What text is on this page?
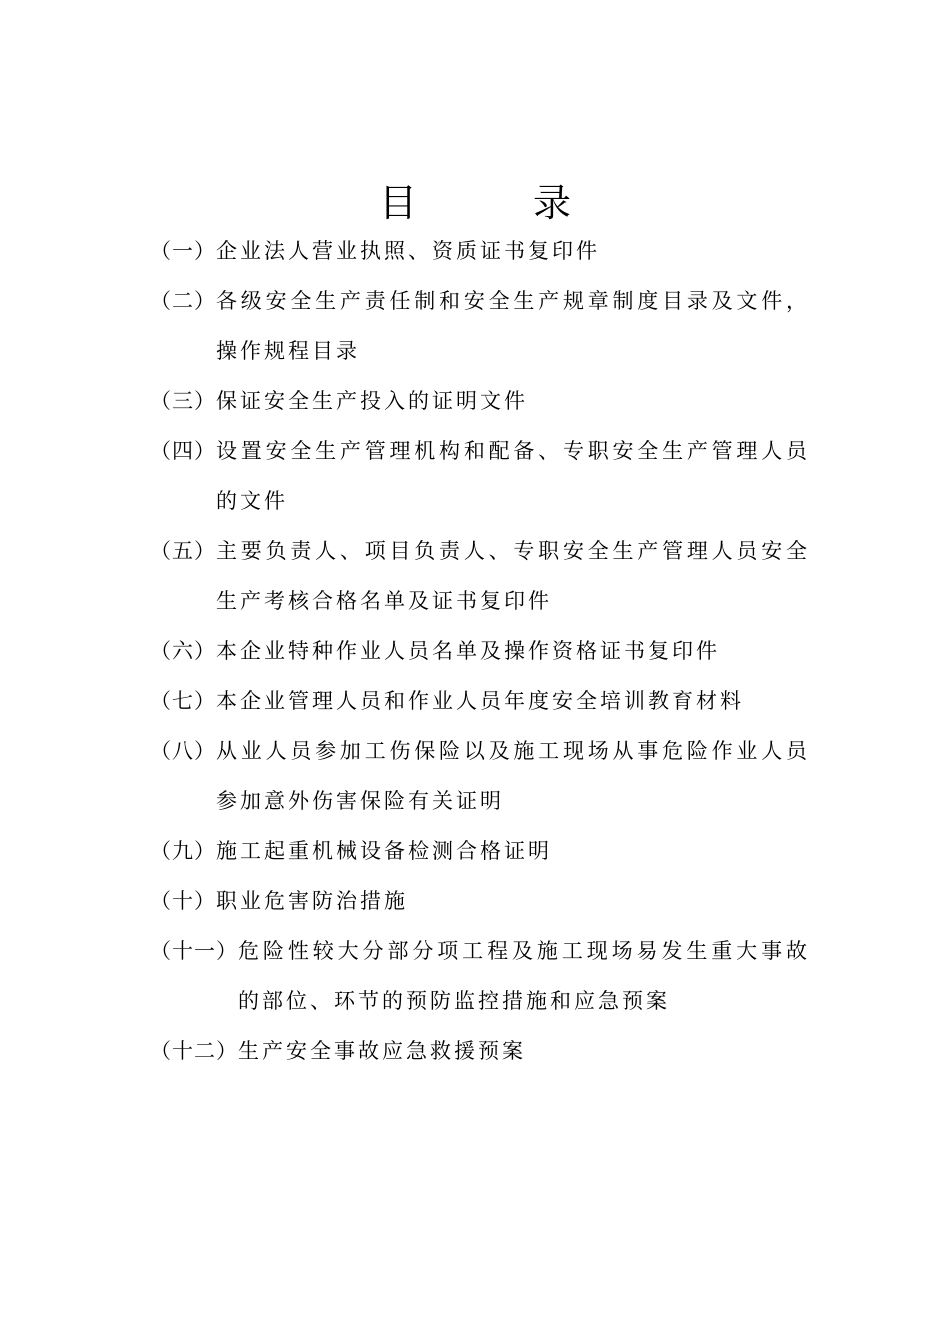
目 录
（一） 企业法人营业执照、资质证书复印件
（二） 各级安全生产责任制和安全生产规章制度目录及文件，操作规程目录
（三） 保证安全生产投入的证明文件
（四） 设置安全生产管理机构和配备、专职安全生产管理人员的文件
（五） 主要负责人、项目负责人、专职安全生产管理人员安全生产考核合格名单及证书复印件
（六） 本企业特种作业人员名单及操作资格证书复印件
（七） 本企业管理人员和作业人员年度安全培训教育材料
（八） 从业人员参加工伤保险以及施工现场从事危险作业人员参加意外伤害保险有关证明
（九） 施工起重机械设备检测合格证明
（十） 职业危害防治措施
（十一） 危险性较大分部分项工程及施工现场易发生重大事故的部位、环节的预防监控措施和应急预案
（十二） 生产安全事故应急救援预案
